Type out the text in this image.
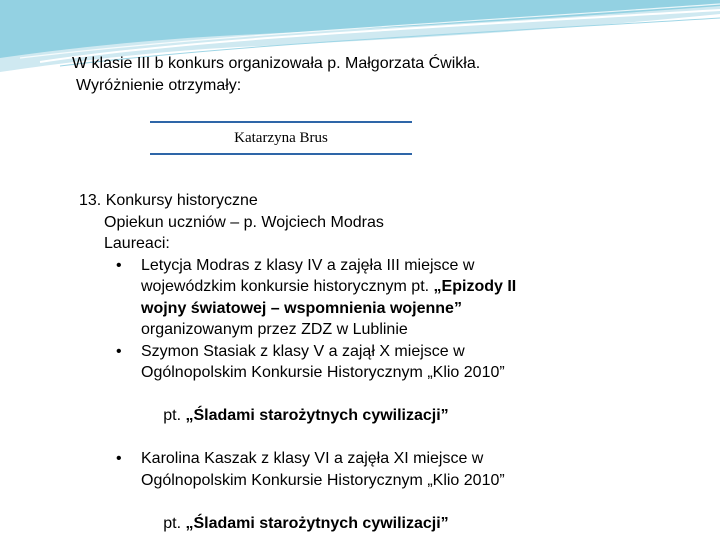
W klasie III b konkurs organizowała p. Małgorzata Ćwikła.
Wyróżnienie otrzymały:
Katarzyna Brus
13. Konkursy historyczne
Opiekun uczniów – p. Wojciech Modras
Laureaci:
• Letycja Modras z klasy IV a zajęła III miejsce w
wojewódzkim konkursie historycznym pt. „Epizody II
wojny światowej – wspomnienia wojenne”
organizowanym przez ZDZ w Lublinie
• Szymon Stasiak z klasy V a zajął X miejsce w
Ogólnopolskim Konkursie Historycznym „Klio 2010”

pt. „Śladami starożytnych cywilizacji”

• Karolina Kaszak z klasy VI a zajęła XI miejsce w
Ogólnopolskim Konkursie Historycznym „Klio 2010”

pt. „Śladami starożytnych cywilizacji”
